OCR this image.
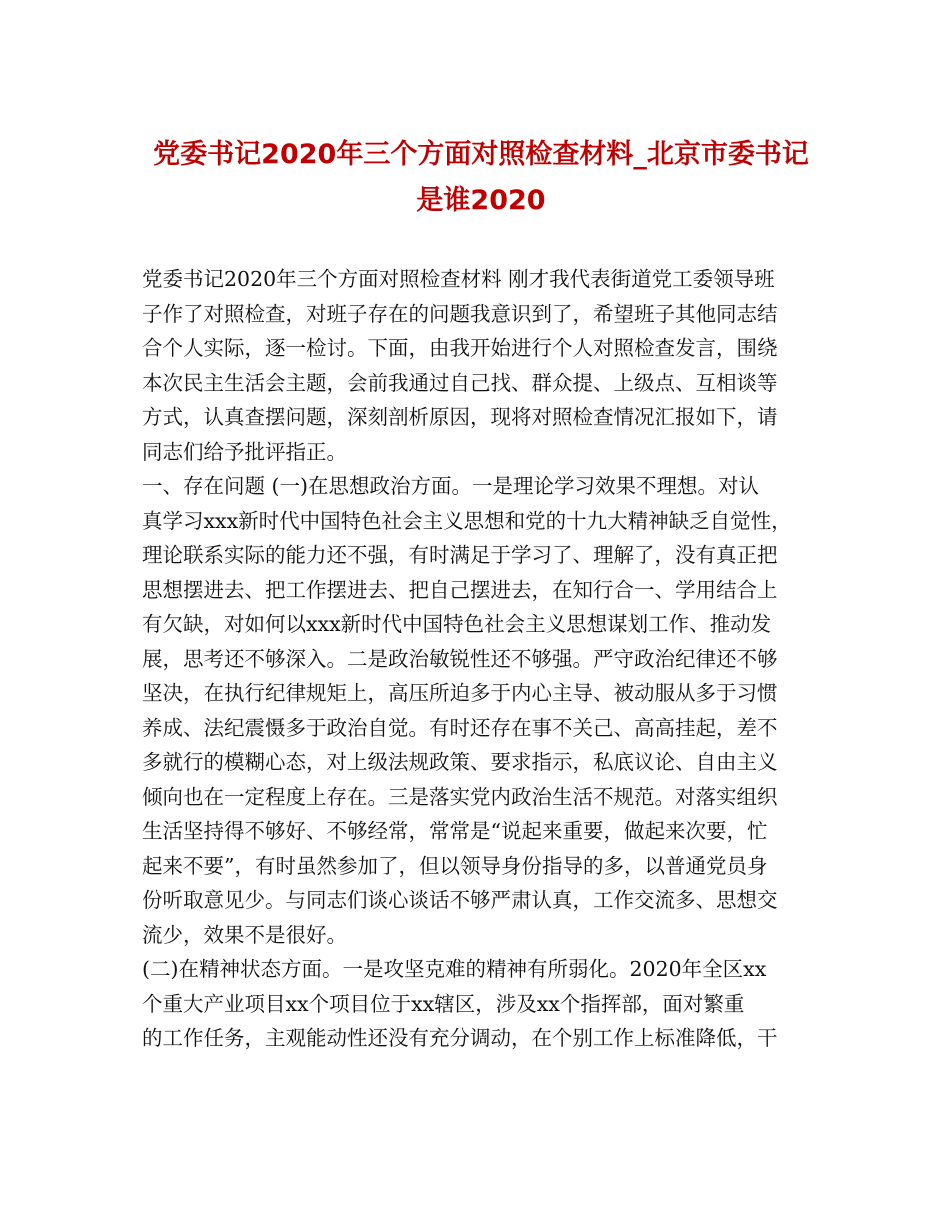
党委书记2020年三个方面对照检查材料_北京市委书记
是谁2020
党委书记2020年三个方面对照检查材料 刚才我代表街道党工委领导班
子作了对照检查，对班子存在的问题我意识到了，希望班子其他同志结
合个人实际，逐一检讨。下面，由我开始进行个人对照检查发言，围绕
本次民主生活会主题，会前我通过自己找、群众提、上级点、互相谈等
方式，认真查摆问题，深刻剖析原因，现将对照检查情况汇报如下，请
同志们给予批评指正。
一、存在问题 (一)在思想政治方面。一是理论学习效果不理想。对认
真学习xxx新时代中国特色社会主义思想和党的十九大精神缺乏自觉性，
理论联系实际的能力还不强，有时满足于学习了、理解了，没有真正把
思想摆进去、把工作摆进去、把自己摆进去，在知行合一、学用结合上
有欠缺，对如何以xxx新时代中国特色社会主义思想谋划工作、推动发
展，思考还不够深入。二是政治敏锐性还不够强。严守政治纪律还不够
坚决，在执行纪律规矩上，高压所迫多于内心主导、被动服从多于习惯
养成、法纪震慑多于政治自觉。有时还存在事不关己、高高挂起，差不
多就行的模糊心态，对上级法规政策、要求指示，私底议论、自由主义
倾向也在一定程度上存在。三是落实党内政治生活不规范。对落实组织
生活坚持得不够好、不够经常，常常是“说起来重要，做起来次要，忙
起来不要”，有时虽然参加了，但以领导身份指导的多，以普通党员身
份听取意见少。与同志们谈心谈话不够严肃认真，工作交流多、思想交
流少，效果不是很好。
(二)在精神状态方面。一是攻坚克难的精神有所弱化。2020年全区xx
个重大产业项目xx个项目位于xx辖区，涉及xx个指挥部，面对繁重
的工作任务，主观能动性还没有充分调动，在个别工作上标准降低，干
